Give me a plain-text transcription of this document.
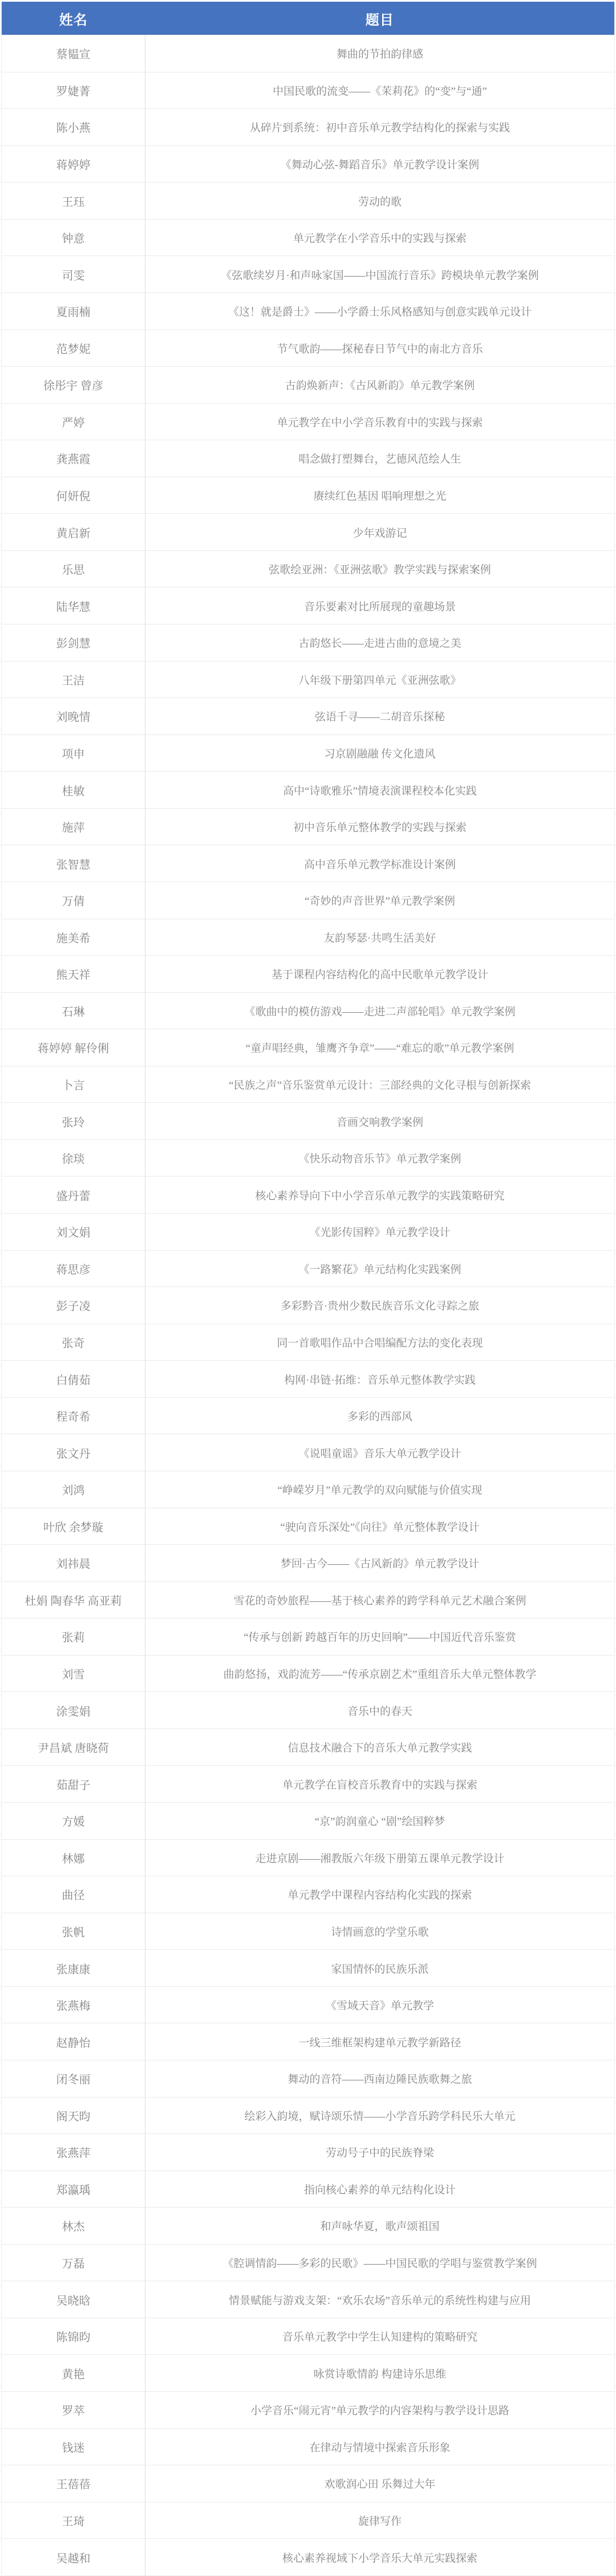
姓名	题目
蔡韫宣	舞曲的节拍韵律感
罗婕菁	中国民歌的流变——《茉莉花》的“变”与“通”
陈小燕	从碎片到系统：初中音乐单元教学结构化的探索与实践
蒋婷婷	《舞动心弦-舞蹈音乐》单元教学设计案例
王珏	劳动的歌
钟意	单元教学在小学音乐中的实践与探索
司雯	《弦歌续岁月·和声咏家国——中国流行音乐》跨模块单元教学案例
夏雨楠	《这！就是爵士》——小学爵士乐风格感知与创意实践单元设计
范梦妮	节气歌韵——探秘春日节气中的南北方音乐
徐彤宇 曾彦	古韵焕新声：《古风新韵》单元教学案例
严婷	单元教学在中小学音乐教育中的实践与探索
龚燕霞	唱念做打塑舞台，艺德风范绘人生
何妍倪	赓续红色基因 唱响理想之光
黄启新	少年戏游记
乐思	弦歌绘亚洲：《亚洲弦歌》教学实践与探索案例
陆华慧	音乐要素对比所展现的童趣场景
彭剑慧	古韵悠长——走进古曲的意境之美
王洁	八年级下册第四单元《亚洲弦歌》
刘晚情	弦语千寻——二胡音乐探秘
项申	习京剧融融 传文化遗风
桂敏	高中“诗歌雅乐”情境表演课程校本化实践
施萍	初中音乐单元整体教学的实践与探索
张智慧	高中音乐单元教学标准设计案例
万倩	“奇妙的声音世界”单元教学案例
施美希	友韵琴瑟·共鸣生活美好
熊天祥	基于课程内容结构化的高中民歌单元教学设计
石琳	《歌曲中的模仿游戏——走进二声部轮唱》单元教学案例
蒋婷婷 解伶俐	“童声唱经典，雏鹰齐争章”——“难忘的歌”单元教学案例
卜言	“民族之声”音乐鉴赏单元设计：三部经典的文化寻根与创新探索
张玲	音画交响教学案例
徐琰	《快乐动物音乐节》单元教学案例
盛丹蕾	核心素养导向下中小学音乐单元教学的实践策略研究
刘文娟	《光影传国粹》单元教学设计
蒋思彦	《一路繁花》单元结构化实践案例
彭子凌	多彩黔音·贵州少数民族音乐文化寻踪之旅
张奇	同一首歌唱作品中合唱编配方法的变化表现
白倩茹	构网·串链·拓维：音乐单元整体教学实践
程奇希	多彩的西部风
张文丹	《说唱童谣》音乐大单元教学设计
刘鸿	“峥嵘岁月”单元教学的双向赋能与价值实现
叶欣 余梦璇	“驶向音乐深处”《向往》单元整体教学设计
刘祎晨	梦回·古今——《古风新韵》单元教学设计
杜娟 陶春华 高亚莉	雪花的奇妙旅程——基于核心素养的跨学科单元艺术融合案例
张莉	“传承与创新 跨越百年的历史回响”——中国近代音乐鉴赏
刘雪	曲韵悠扬，戏韵流芳——“传承京剧艺术”重组音乐大单元整体教学
涂雯娟	音乐中的春天
尹昌斌 唐晓荷	信息技术融合下的音乐大单元教学实践
茹甜子	单元教学在盲校音乐教育中的实践与探索
方媛	“京”韵润童心 “剧”绘国粹梦
林娜	走进京剧——湘教版六年级下册第五课单元教学设计
曲径	单元教学中课程内容结构化实践的探索
张帆	诗情画意的学堂乐歌
张康康	家国情怀的民族乐派
张燕梅	《雪域天音》单元教学
赵静怡	一线三维框架构建单元教学新路径
闭冬丽	舞动的音符——西南边陲民族歌舞之旅
阁天昀	绘彩入韵境，赋诗颂乐情——小学音乐跨学科民乐大单元
张燕萍	劳动号子中的民族脊梁
郑瀛瑀	指向核心素养的单元结构化设计
林杰	和声咏华夏，歌声颂祖国
万磊	《腔调情韵——多彩的民歌》——中国民歌的学唱与鉴赏教学案例
吴晓晗	情景赋能与游戏支架：“欢乐农场”音乐单元的系统性构建与应用
陈锦昀	音乐单元教学中学生认知建构的策略研究
黄艳	咏赏诗歌情韵 构建诗乐思维
罗萃	小学音乐“闹元宵”单元教学的内容架构与教学设计思路
钱迷	在律动与情境中探索音乐形象
王蓓蓓	欢歌润心田 乐舞过大年
王琦	旋律写作
吴越和	核心素养视域下小学音乐大单元实践探索
